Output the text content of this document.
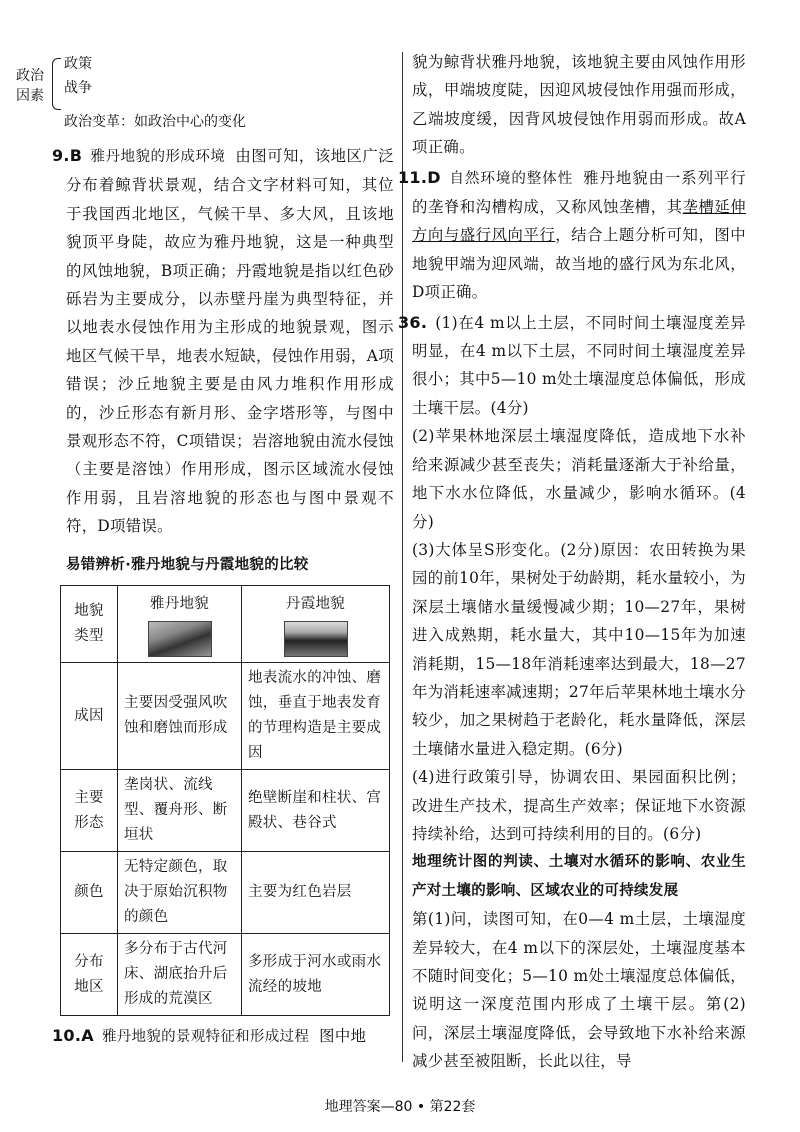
政治
因素
政策
战争
政治变革：如政治中心的变化

9.B 雅丹地貌的形成环境 由图可知，该地区广泛分布着鲸背状景观，结合文字材料可知，其位于我国西北地区，气候干旱、多大风，且该地貌顶平身陡，故应为雅丹地貌，这是一种典型的风蚀地貌，B项正确；丹霞地貌是指以红色砂砾岩为主要成分，以赤壁丹崖为典型特征，并以地表水侵蚀作用为主形成的地貌景观，图示地区气候干旱，地表水短缺，侵蚀作用弱，A项错误；沙丘地貌主要是由风力堆积作用形成的，沙丘形态有新月形、金字塔形等，与图中景观形态不符，C项错误；岩溶地貌由流水侵蚀（主要是溶蚀）作用形成，图示区域流水侵蚀作用弱，且岩溶地貌的形态也与图中景观不符，D项错误。

易错辨析·雅丹地貌与丹霞地貌的比较
地貌类型	雅丹地貌	丹霞地貌

成因	主要因受强风吹蚀和磨蚀而形成	地表流水的冲蚀、磨蚀，垂直于地表发育的节理构造是主要成因
主要形态	垄岗状、流线型、覆舟形、断垣状	绝壁断崖和柱状、宫殿状、巷谷式
颜色	无特定颜色，取决于原始沉积物的颜色	主要为红色岩层
分布地区	多分布于古代河床、湖底抬升后形成的荒漠区	多形成于河水或雨水流经的坡地

10.A 雅丹地貌的景观特征和形成过程 图中地

貌为鲸背状雅丹地貌，该地貌主要由风蚀作用形成，甲端坡度陡，因迎风坡侵蚀作用强而形成，乙端坡度缓，因背风坡侵蚀作用弱而形成。故A项正确。

11.D 自然环境的整体性 雅丹地貌由一系列平行的垄脊和沟槽构成，又称风蚀垄槽，其垄槽延伸方向与盛行风向平行，结合上题分析可知，图中地貌甲端为迎风端，故当地的盛行风为东北风，D项正确。

36. (1)在4 m以上土层，不同时间土壤湿度差异明显，在4 m以下土层，不同时间土壤湿度差异很小；其中5—10 m处土壤湿度总体偏低，形成土壤干层。(4分)

(2)苹果林地深层土壤湿度降低，造成地下水补给来源减少甚至丧失；消耗量逐渐大于补给量，地下水水位降低，水量减少，影响水循环。(4分)

(3)大体呈S形变化。(2分)原因：农田转换为果园的前10年，果树处于幼龄期，耗水量较小，为深层土壤储水量缓慢减少期；10—27年，果树进入成熟期，耗水量大，其中10—15年为加速消耗期，15—18年消耗速率达到最大，18—27年为消耗速率减速期；27年后苹果林地土壤水分较少，加之果树趋于老龄化，耗水量降低，深层土壤储水量进入稳定期。(6分)

(4)进行政策引导，协调农田、果园面积比例；改进生产技术，提高生产效率；保证地下水资源持续补给，达到可持续利用的目的。(6分)

地理统计图的判读、土壤对水循环的影响、农业生产对土壤的影响、区域农业的可持续发展

第(1)问，读图可知，在0—4 m土层，土壤湿度差异较大，在4 m以下的深层处，土壤湿度基本不随时间变化；5—10 m处土壤湿度总体偏低，说明这一深度范围内形成了土壤干层。第(2)问，深层土壤湿度降低，会导致地下水补给来源减少甚至被阻断，长此以往，导

地理答案—80 • 第22套
